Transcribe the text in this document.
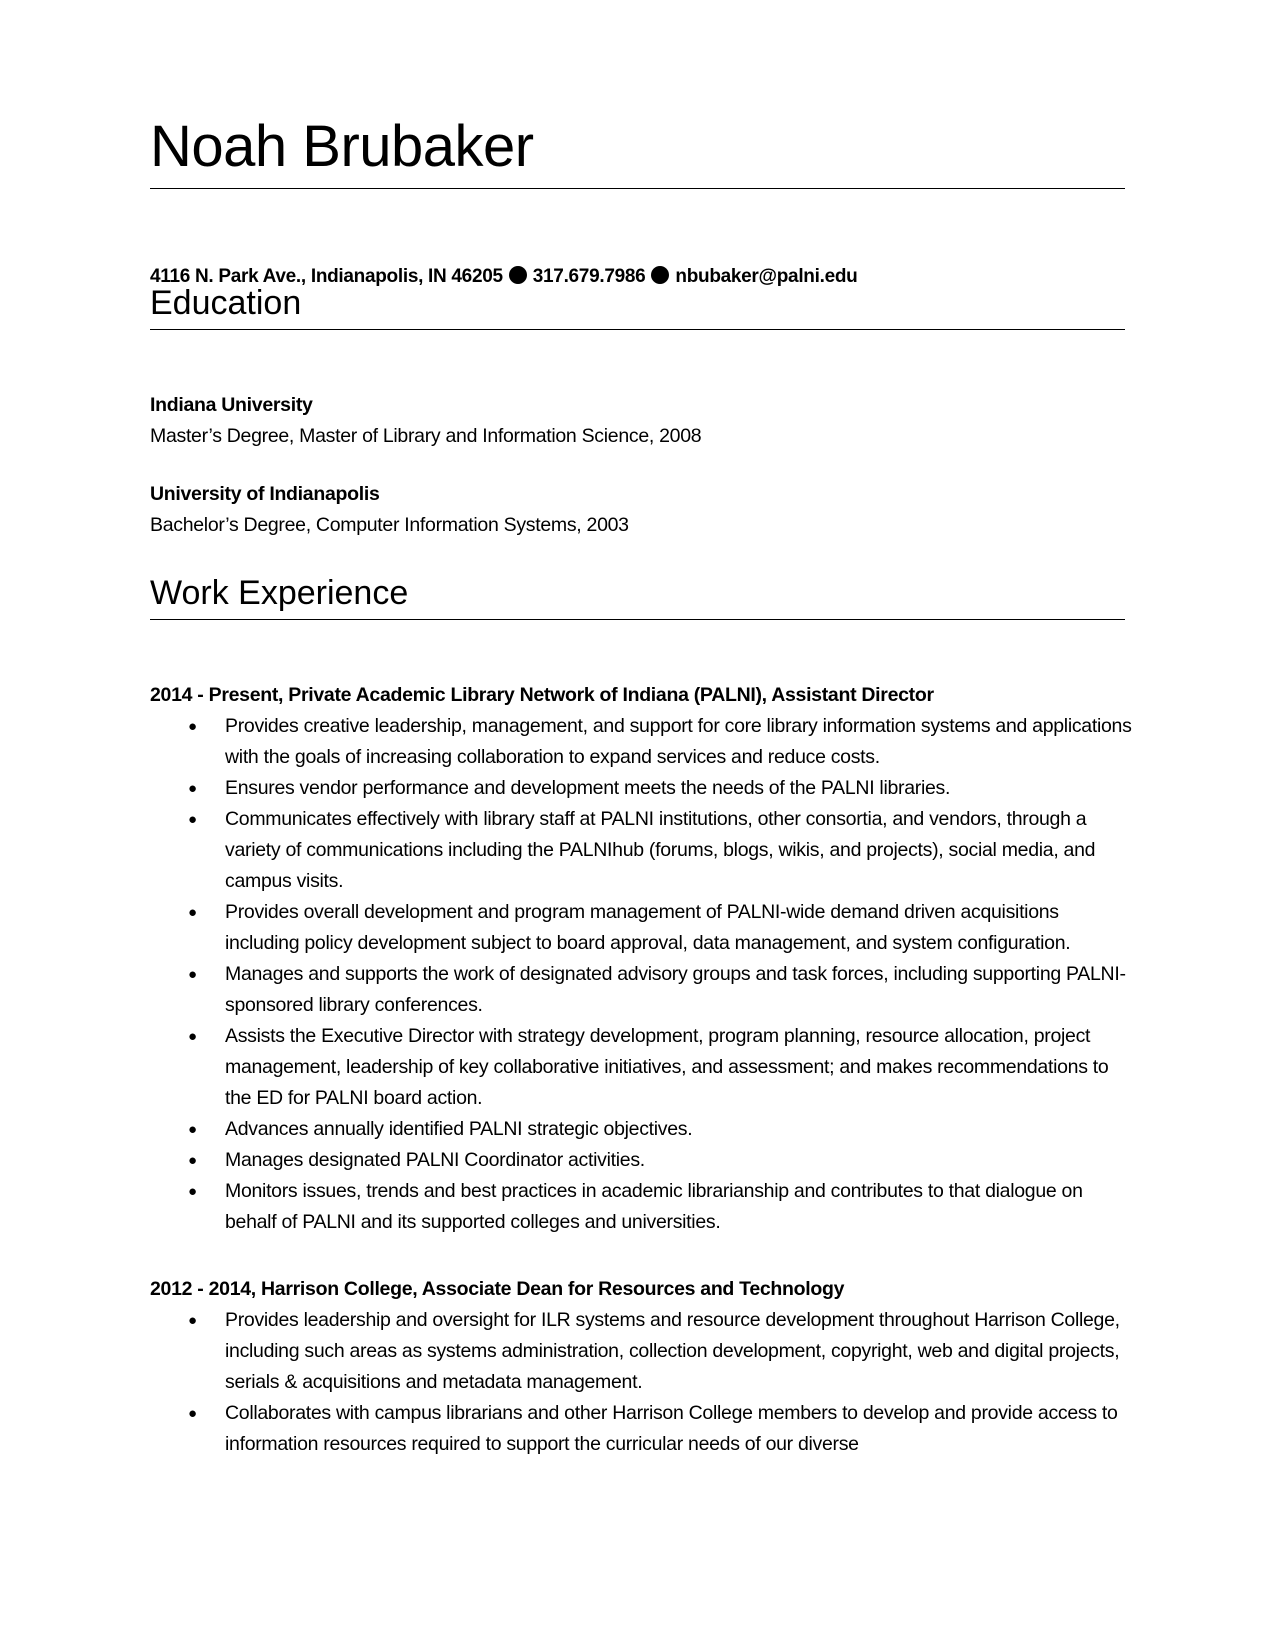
Noah Brubaker
4116 N. Park Ave., Indianapolis, IN 46205 317.679.7986 nbubaker@palni.edu
Education
Indiana University
Master’s Degree, Master of Library and Information Science, 2008
University of Indianapolis
Bachelor’s Degree, Computer Information Systems, 2003
Work Experience
2014 - Present, Private Academic Library Network of Indiana (PALNI), Assistant Director
● Provides creative leadership, management, and support for core library information systems and applications with the goals of increasing collaboration to expand services and reduce costs.
● Ensures vendor performance and development meets the needs of the PALNI libraries.
● Communicates effectively with library staff at PALNI institutions, other consortia, and vendors, through a variety of communications including the PALNIhub (forums, blogs, wikis, and projects), social media, and campus visits.
● Provides overall development and program management of PALNI-wide demand driven acquisitions including policy development subject to board approval, data management, and system configuration.
● Manages and supports the work of designated advisory groups and task forces, including supporting PALNI-sponsored library conferences.
● Assists the Executive Director with strategy development, program planning, resource allocation, project management, leadership of key collaborative initiatives, and assessment; and makes recommendations to the ED for PALNI board action.
● Advances annually identified PALNI strategic objectives.
● Manages designated PALNI Coordinator activities.
● Monitors issues, trends and best practices in academic librarianship and contributes to that dialogue on behalf of PALNI and its supported colleges and universities.
2012 - 2014, Harrison College, Associate Dean for Resources and Technology
● Provides leadership and oversight for ILR systems and resource development throughout Harrison College, including such areas as systems administration, collection development, copyright, web and digital projects, serials & acquisitions and metadata management.
● Collaborates with campus librarians and other Harrison College members to develop and provide access to information resources required to support the curricular needs of our diverse
